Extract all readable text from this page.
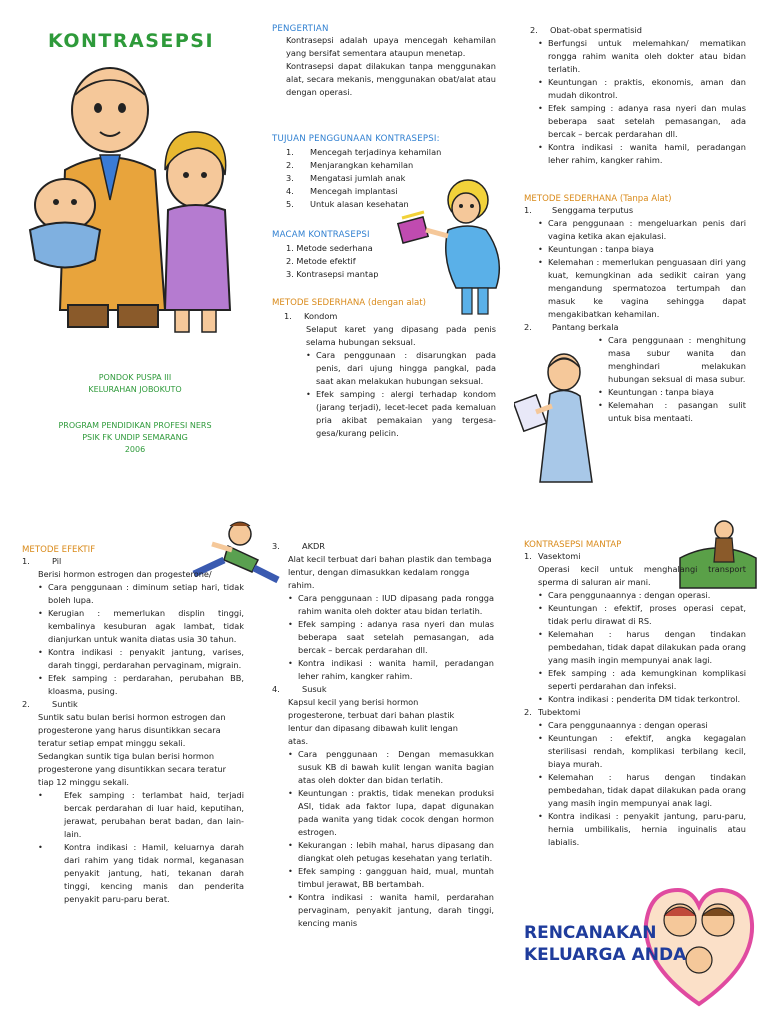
KONTRASEPSI
PONDOK PUSPA III
KELURAHAN JOBOKUTO
PROGRAM PENDIDIKAN PROFESI NERS
PSIK FK UNDIP SEMARANG
2006
PENGERTIAN
Kontrasepsi adalah upaya mencegah kehamilan yang bersifat sementara ataupun menetap.
Kontrasepsi dapat dilakukan tanpa menggunakan alat, secara mekanis, menggunakan obat/alat atau dengan operasi.
TUJUAN PENGGUNAAN KONTRASEPSI:
1. Mencegah terjadinya kehamilan
2. Menjarangkan kehamilan
3. Mengatasi jumlah anak
4. Mencegah implantasi
5. Untuk alasan kesehatan
MACAM KONTRASEPSI
1. Metode sederhana
2. Metode efektif
3. Kontrasepsi mantap
METODE SEDERHANA (dengan alat)
1. Kondom
Selaput karet yang dipasang pada penis selama hubungan seksual.
• Cara penggunaan : disarungkan pada penis, dari ujung hingga pangkal, pada saat akan melakukan hubungan seksual.
• Efek samping : alergi terhadap kondom (jarang terjadi), lecet-lecet pada kemaluan pria akibat pemakaian yang tergesa-gesa/kurang pelicin.
2. Obat-obat spermatisid
• Berfungsi untuk melemahkan/ mematikan rongga rahim wanita oleh dokter atau bidan terlatih.
• Keuntungan : praktis, ekonomis, aman dan mudah dikontrol.
• Efek samping : adanya rasa nyeri dan mulas beberapa saat setelah pemasangan, ada bercak – bercak perdarahan dll.
• Kontra indikasi : wanita hamil, peradangan leher rahim, kangker rahim.
METODE SEDERHANA (Tanpa Alat)
1. Senggama terputus
• Cara penggunaan : mengeluarkan penis dari vagina ketika akan ejakulasi.
• Keuntungan : tanpa biaya
• Kelemahan : memerlukan penguasaan diri yang kuat, kemungkinan ada sedikit cairan yang mengandung spermatozoa tertumpah dan masuk ke vagina sehingga dapat mengakibatkan kehamilan.
2. Pantang berkala
• Cara penggunaan : menghitung masa subur wanita dan menghindari melakukan hubungan seksual di masa subur.
• Keuntungan : tanpa biaya
• Kelemahan : pasangan sulit untuk bisa mentaati.
METODE EFEKTIF
1.	Pil
Berisi hormon estrogen dan progesterone/
• Cara penggunaan : diminum setiap hari, tidak boleh lupa.
• Kerugian : memerlukan displin tinggi, kembalinya kesuburan agak lambat, tidak dianjurkan untuk wanita diatas usia 30 tahun.
• Kontra indikasi : penyakit jantung, varises, darah tinggi, perdarahan pervaginam, migrain.
• Efek samping : perdarahan, perubahan BB, kloasma, pusing.
2.	Suntik
Suntik satu bulan berisi hormon estrogen dan progesterone yang harus disuntikkan secara teratur setiap empat minggu sekali.
Sedangkan suntik tiga bulan berisi hormon progesterone yang disuntikkan secara teratur tiap 12 minggu sekali.
• Efek samping : terlambat haid, terjadi bercak perdarahan di luar haid, keputihan, jerawat, perubahan berat badan, dan lain-lain.
• Kontra indikasi : Hamil, keluarnya darah dari rahim yang tidak normal, keganasan penyakit jantung, hati, tekanan darah tinggi, kencing manis dan penderita penyakit paru-paru berat.
3.	AKDR
Alat kecil terbuat dari bahan plastik dan tembaga lentur, dengan dimasukkan kedalam rongga rahim.
• Cara penggunaan : IUD dipasang pada rongga rahim wanita oleh dokter atau bidan terlatih.
• Efek samping : adanya rasa nyeri dan mulas beberapa saat setelah pemasangan, ada bercak – bercak perdarahan dll.
• Kontra indikasi : wanita hamil, peradangan leher rahim, kangker rahim.
4.	Susuk
Kapsul kecil yang berisi hormon progesterone, terbuat dari bahan plastik lentur dan dipasang dibawah kulit lengan atas.
• Cara penggunaan : Dengan memasukkan susuk KB di bawah kulit lengan wanita bagian atas oleh dokter dan bidan terlatih.
• Keuntungan : praktis, tidak menekan produksi ASI, tidak ada faktor lupa, dapat digunakan pada wanita yang tidak cocok dengan hormon estrogen.
• Kekurangan : lebih mahal, harus dipasang dan diangkat oleh petugas kesehatan yang terlatih.
• Efek samping : gangguan haid, mual, muntah timbul jerawat, BB bertambah.
• Kontra indikasi : wanita hamil, perdarahan pervaginam, penyakit jantung, darah tinggi, kencing manis
KONTRASEPSI MANTAP
1. Vasektomi
Operasi kecil untuk menghalangi transport sperma di saluran air mani.
• Cara penggunaannya : dengan operasi.
• Keuntungan : efektif, proses operasi cepat, tidak perlu dirawat di RS.
• Kelemahan : harus dengan tindakan pembedahan, tidak dapat dilakukan pada orang yang masih ingin mempunyai anak lagi.
• Efek samping : ada kemungkinan komplikasi seperti perdarahan dan infeksi.
• Kontra indikasi : penderita DM tidak terkontrol.
2. Tubektomi
• Cara penggunaannya : dengan operasi
• Keuntungan : efektif, angka kegagalan sterilisasi rendah, komplikasi terbilang kecil, biaya murah.
• Kelemahan : harus dengan tindakan pembedahan, tidak dapat dilakukan pada orang yang masih ingin mempunyai anak lagi.
• Kontra indikasi : penyakit jantung, paru-paru, hernia umbilikalis, hernia inguinalis atau labialis.
RENCANAKAN
KELUARGA ANDA
